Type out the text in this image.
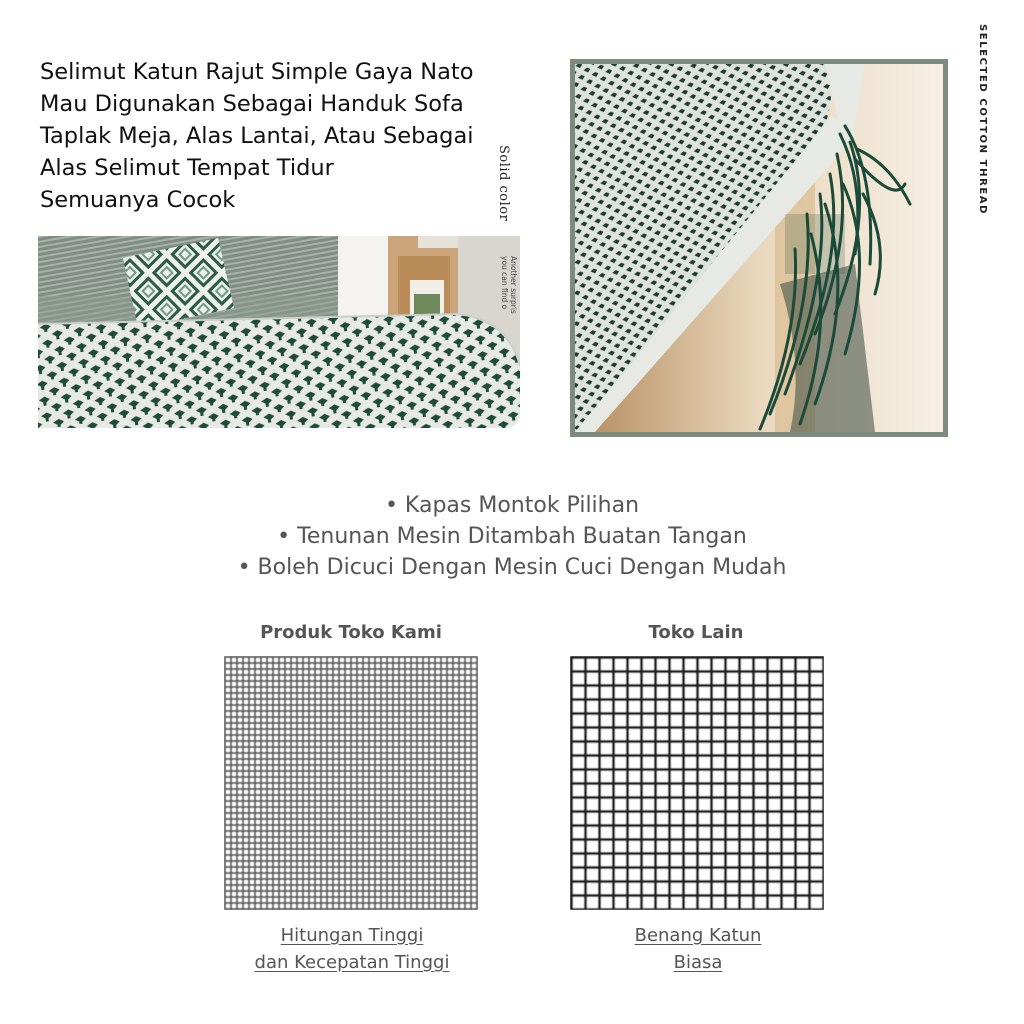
Selimut Katun Rajut Simple Gaya Nato
Mau Digunakan Sebagai Handuk Sofa
Taplak Meja, Alas Lantai, Atau Sebagai
Alas Selimut Tempat Tidur
Semuanya Cocok	Solid color
Another surpris
you can find o
SELECTED COTTON THREAD
• Kapas Montok Pilihan
• Tenunan Mesin Ditambah Buatan Tangan
• Boleh Dicuci Dengan Mesin Cuci Dengan Mudah
Produk Toko Kami
Hitungan Tinggi
dan Kecepatan Tinggi
Toko Lain
Benang Katun
Biasa
